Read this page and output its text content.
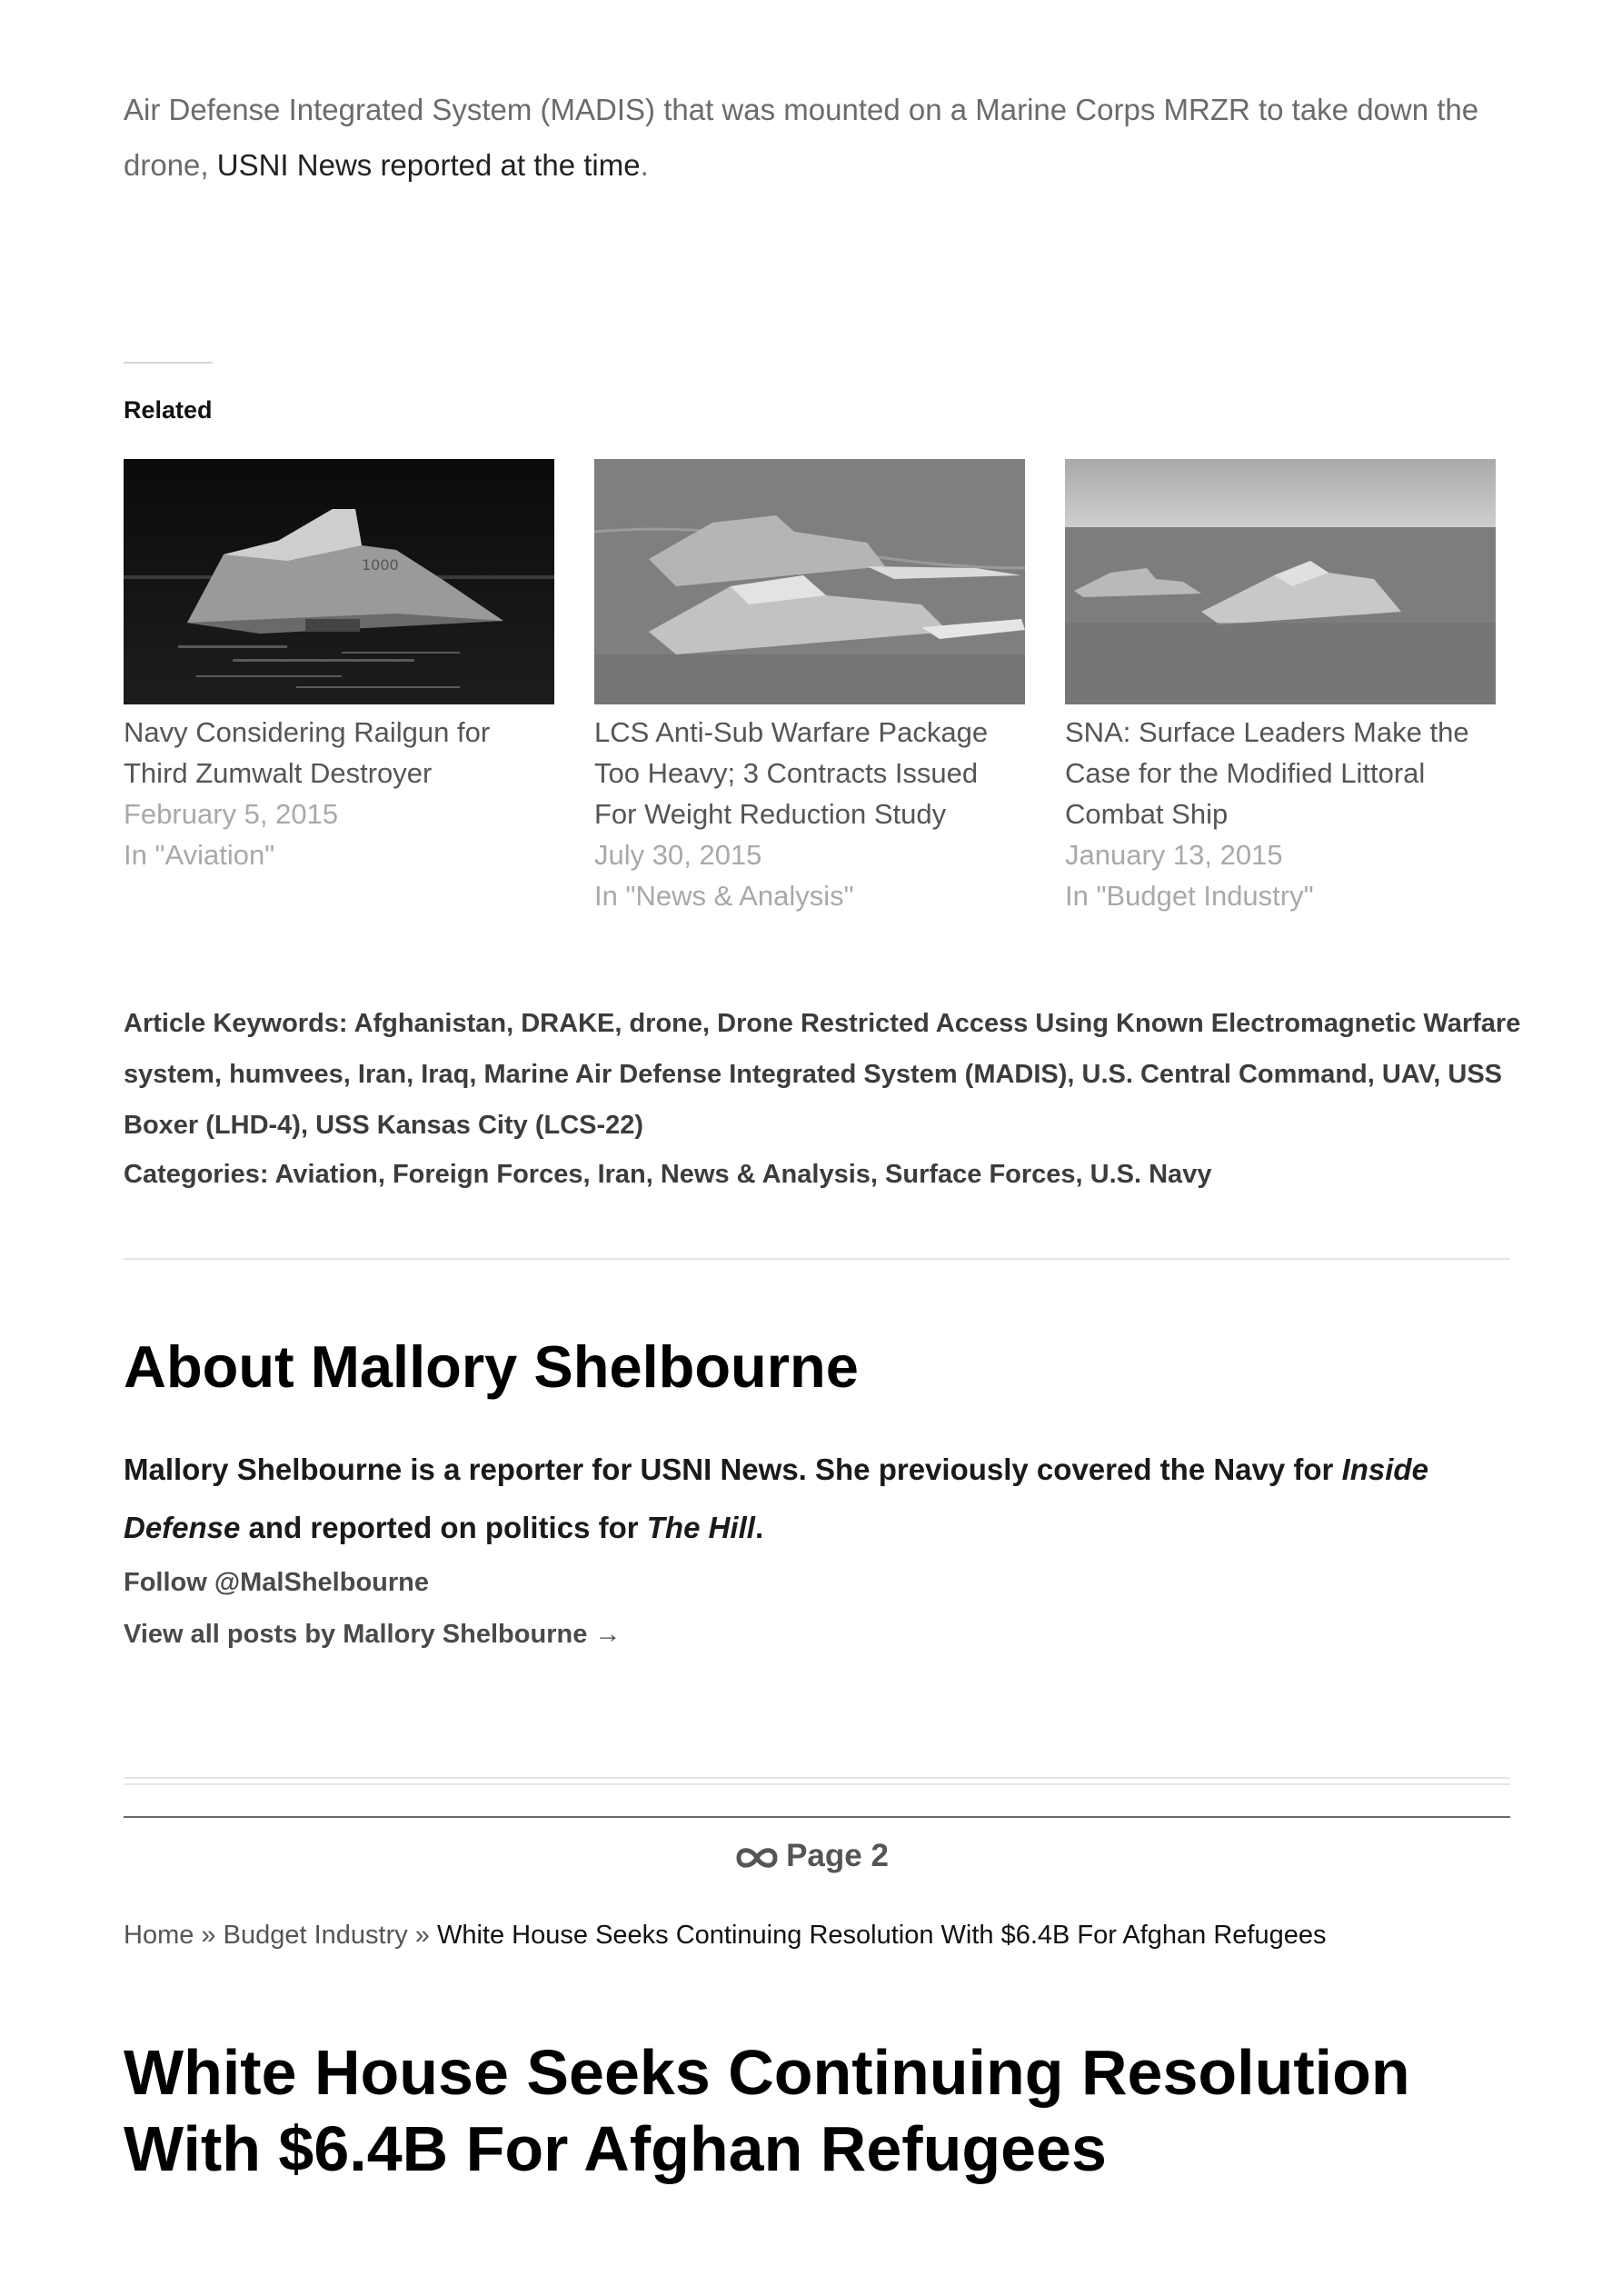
Air Defense Integrated System (MADIS) that was mounted on a Marine Corps MRZR to take down the drone, USNI News reported at the time.

Related
1000
Navy Considering Railgun for Third Zumwalt Destroyer
February 5, 2015
In "Aviation"
LCS Anti-Sub Warfare Package Too Heavy; 3 Contracts Issued For Weight Reduction Study
July 30, 2015
In "News & Analysis"
SNA: Surface Leaders Make the Case for the Modified Littoral Combat Ship
January 13, 2015
In "Budget Industry"
Article Keywords: Afghanistan, DRAKE, drone, Drone Restricted Access Using Known Electromagnetic Warfare system, humvees, Iran, Iraq, Marine Air Defense Integrated System (MADIS), U.S. Central Command, UAV, USS Boxer (LHD-4), USS Kansas City (LCS-22)
Categories: Aviation, Foreign Forces, Iran, News & Analysis, Surface Forces, U.S. Navy
About Mallory Shelbourne
Mallory Shelbourne is a reporter for USNI News. She previously covered the Navy for Inside Defense and reported on politics for The Hill.
Follow @MalShelbourne
View all posts by Mallory Shelbourne →
Page 2
Home » Budget Industry » White House Seeks Continuing Resolution With $6.4B For Afghan Refugees
White House Seeks Continuing Resolution With $6.4B For Afghan Refugees
